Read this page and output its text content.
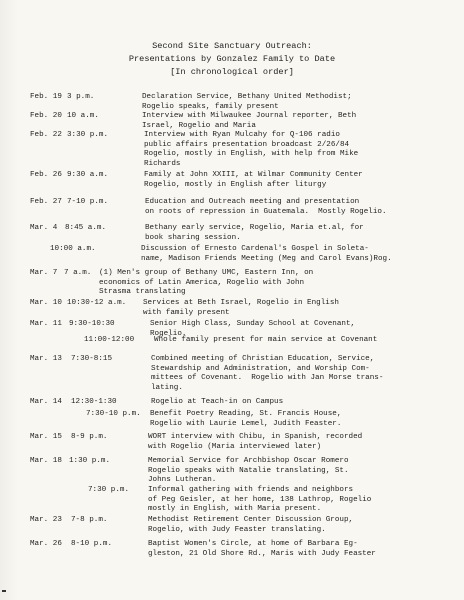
Second Site Sanctuary Outreach:
Presentations by Gonzalez Family to Date
[In chronological order]
Feb. 19 3 p.m.	Declaration Service, Bethany United Methodist;
Rogelio speaks, family present
Feb. 20 10 a.m.	Interview with Milwaukee Journal reporter, Beth
Israel, Rogelio and Maria
Feb. 22 3:30 p.m.	Interview with Ryan Mulcahy for Q-106 radio
public affairs presentation broadcast 2/26/84
Rogelio, mostly in English, with help from Mike
Richards
Feb. 26 9:30 a.m.	Family at John XXIII, at Wilmar Community Center
Rogelio, mostly in English after liturgy
Feb. 27 7-10 p.m.	Education and Outreach meeting and presentation
on roots of repression in Guatemala.  Mostly Rogelio.
Mar. 4 8:45 a.m.	Bethany early service, Rogelio, Maria et.al, for
book sharing session.
10:00 a.m.	Discussion of Ernesto Cardenal's Gospel in Soleta-
name, Madison Friends Meeting (Meg and Carol Evans)Rog.
Mar. 7 7 a.m. (1) Men's group of Bethany UMC, Eastern Inn, on
economics of Latin America, Rogelio with John
Strasma translating
Mar. 10 10:30-12 a.m. Services at Beth Israel, Rogelio in English
with family present
Mar. 11 9:30-10:30	Senior High Class, Sunday School at Covenant,
Rogelio.
11:00-12:00	Whole family present for main service at Covenant
Mar. 13 7:30-8:15	Combined meeting of Christian Education, Service,
Stewardship and Administration, and Worship Com-
mittees of Covenant.  Rogelio with Jan Morse trans-
lating.
Mar. 14 12:30-1:30	Rogelio at Teach-in on Campus
7:30-10 p.m. Benefit Poetry Reading, St. Francis House,
Rogelio with Laurie Lemel, Judith Feaster.
Mar. 15 8-9 p.m.	WORT interview with Chibu, in Spanish, recorded
with Rogelio (Maria interviewed later)
Mar. 18 1:30 p.m.	Memorial Service for Archbishop Oscar Romero
Rogelio speaks with Natalie translating, St.
Johns Lutheran.
7:30 p.m. Informal gathering with friends and neighbors
of Peg Geisler, at her home, 138 Lathrop, Rogelio
mostly in English, with Maria present.
Mar. 23 7-8 p.m.	Methodist Retirement Center Discussion Group,
Rogelio, with Judy Feaster translating.
Mar. 26 8-10 p.m.	Baptist Women's Circle, at home of Barbara Eg-
gleston, 21 Old Shore Rd., Maris with Judy Feaster
